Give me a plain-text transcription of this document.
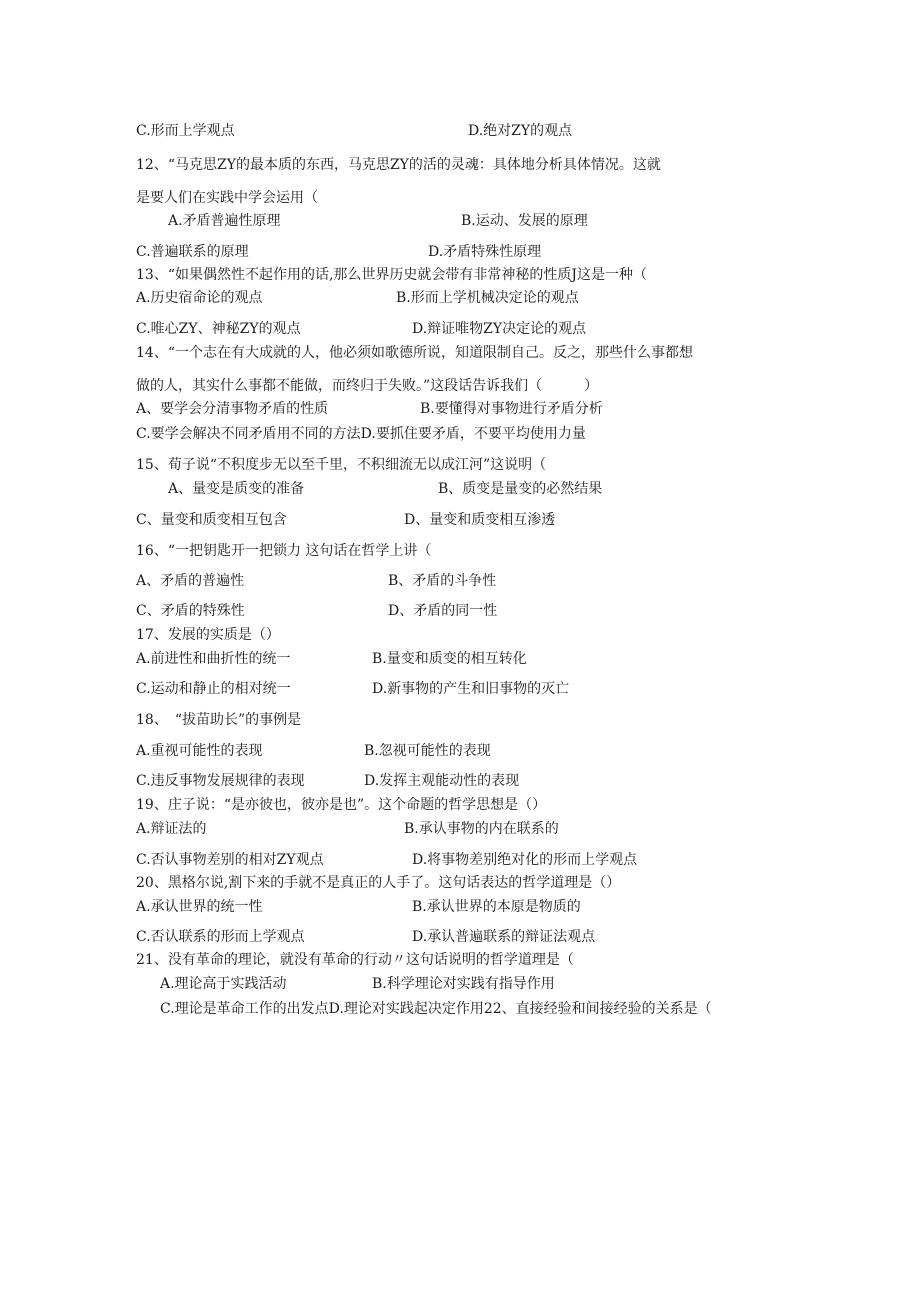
C.形而上学观点	D.绝对ZY的观点
12、“马克思ZY的最本质的东西，马克思ZY的活的灵魂：具体地分析具体情况。这就
是要人们在实践中学会运用（
A.矛盾普遍性原理	B.运动、发展的原理
C.普遍联系的原理	D.矛盾特殊性原理
13、“如果偶然性不起作用的话,那么世界历史就会带有非常神秘的性质J这是一种（
A.历史宿命论的观点	B.形而上学机械决定论的观点
C.唯心ZY、神秘ZY的观点	D.辩证唯物ZY决定论的观点
14、“一个志在有大成就的人，他必须如歌德所说，知道限制自己。反之，那些什么事都想
做的人，其实什么事都不能做，而终归于失败。”这段话告诉我们（　　　）
A、要学会分清事物矛盾的性质	B.要懂得对事物进行矛盾分析
C.要学会解决不同矛盾用不同的方法D.要抓住要矛盾，不要平均使用力量
15、荀子说“不积度步无以至千里，不积细流无以成江河”这说明（
A、量变是质变的准备	B、质变是量变的必然结果
C、量变和质变相互包含	D、量变和质变相互渗透
16、“一把钥匙开一把锁力 这句话在哲学上讲（
A、矛盾的普遍性	B、矛盾的斗争性
C、矛盾的特殊性	D、矛盾的同一性
17、发展的实质是（）
A.前进性和曲折性的统一	B.量变和质变的相互转化
C.运动和静止的相对统一	D.新事物的产生和旧事物的灭亡
18、　“拔苗助长”的事例是
A.重视可能性的表现	B.忽视可能性的表现
C.违反事物发展规律的表现	D.发挥主观能动性的表现
19、庄子说：“是亦彼也，彼亦是也”。这个命题的哲学思想是（）
A.辩证法的	B.承认事物的内在联系的
C.否认事物差别的相对ZY观点	D.将事物差别绝对化的形而上学观点
20、黑格尔说,割下来的手就不是真正的人手了。这句话表达的哲学道理是（）
A.承认世界的统一性	B.承认世界的本原是物质的
C.否认联系的形而上学观点	D.承认普遍联系的辩证法观点
21、没有革命的理论，就没有革命的行动〃这句话说明的哲学道理是（
A.理论高于实践活动	B.科学理论对实践有指导作用
C.理论是革命工作的出发点D.理论对实践起决定作用22、直接经验和间接经验的关系是（
